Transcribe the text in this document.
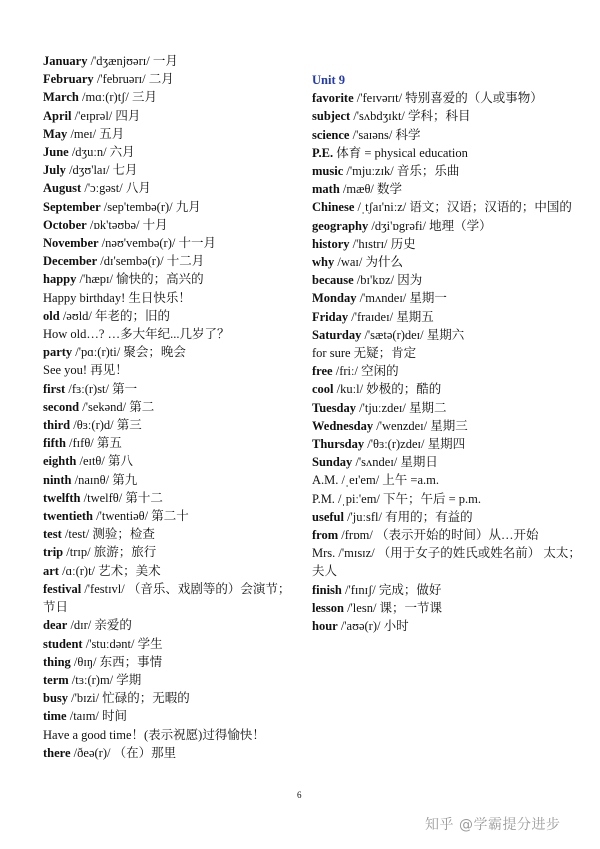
January /'dʒænjʊərɪ/ 一月

February /'februərɪ/ 二月

March /mɑː(r)tʃ/ 三月

April /'eɪprəl/ 四月

May /meɪ/ 五月

June /dʒuːn/ 六月

July /dʒʊ'laɪ/ 七月

August /'ɔːgəst/ 八月

September /sep'tembə(r)/ 九月

October /ɒk'təʊbə/ 十月

November /nəʊ'vembə(r)/ 十一月

December /dɪ'sembə(r)/ 十二月

happy /'hæpɪ/ 愉快的；高兴的

Happy birthday! 生日快乐！

old /əʊld/ 年老的；旧的

How old…? …多大年纪...几岁了？

party /'pɑː(r)ti/ 聚会；晚会

See you! 再见！

first /fɜː(r)st/ 第一

second /'sekənd/ 第二

third /θɜː(r)d/ 第三

fifth /fɪfθ/ 第五

eighth /eɪtθ/ 第八

ninth /naɪnθ/ 第九

twelfth /twelfθ/ 第十二

twentieth /'twentiəθ/ 第二十

test /test/ 测验；检查

trip /trɪp/ 旅游；旅行

art /ɑː(r)t/ 艺术；美术

festival /'festɪvl/ （音乐、戏剧等的）会演节；节日

dear /dɪr/ 亲爱的

student /'stuːdənt/ 学生

thing /θɪŋ/ 东西；事情

term /tɜː(r)m/ 学期

busy /'bɪzi/ 忙碌的；无暇的

time /taɪm/ 时间

Have a good time！(表示祝愿)过得愉快！

there /ðeə(r)/ （在）那里

Unit 9

favorite /'feɪvərɪt/ 特别喜爱的（人或事物）

subject /'sʌbdʒɪkt/ 学科；科目

science /'saɪəns/ 科学

P.E. 体育 = physical education

music /'mjuːzɪk/ 音乐；乐曲

math /mæθ/ 数学

Chinese /ˌtʃaɪ'niːz/ 语文；汉语；汉语的；中国的

geography /dʒi'ɒgrəfi/ 地理（学）

history /'hɪstrɪ/ 历史

why /waɪ/ 为什么

because /bɪ'kɒz/ 因为

Monday /'mʌndeɪ/ 星期一

Friday /'fraɪdeɪ/ 星期五

Saturday /'sætə(r)deɪ/ 星期六

for sure 无疑；肯定

free /friː/ 空闲的

cool /kuːl/ 妙极的；酷的

Tuesday /'tjuːzdeɪ/ 星期二

Wednesday /'wenzdeɪ/ 星期三

Thursday /'θɜː(r)zdeɪ/ 星期四

Sunday /'sʌndeɪ/ 星期日

A.M. /ˌeɪ'em/ 上午 =a.m.

P.M. /ˌpiː'em/ 下午；午后 = p.m.

useful /'juːsfl/ 有用的；有益的

from /frɒm/ （表示开始的时间）从…开始

Mrs. /'mɪsɪz/ （用于女子的姓氏或姓名前） 太太；夫人

finish /'fɪnɪʃ/ 完成；做好

lesson /'lesn/ 课；一节课

hour /'aʊə(r)/ 小时

6
知乎 @学霸提分进步
